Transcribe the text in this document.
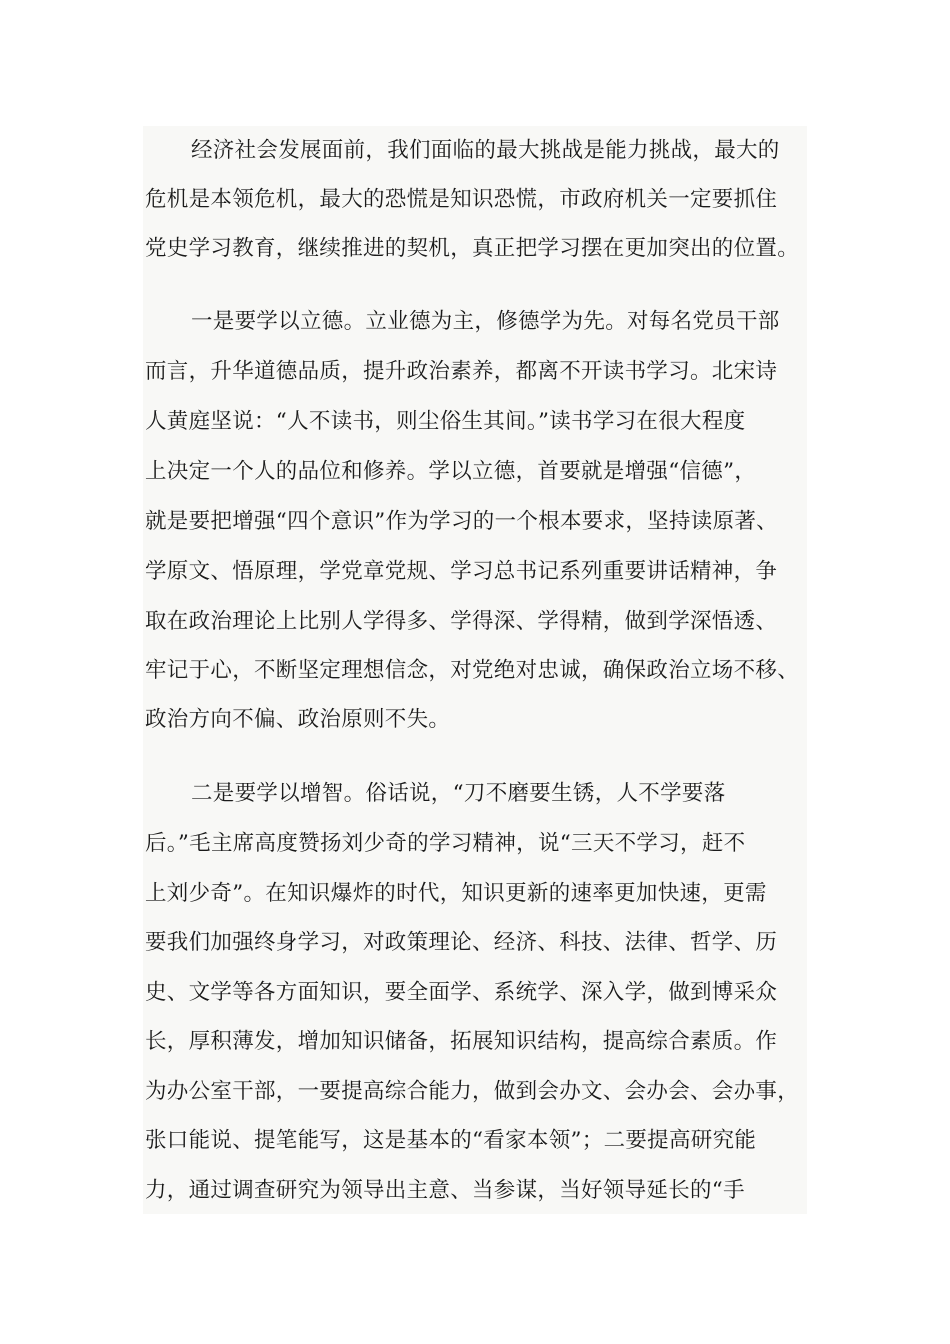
经济社会发展面前，我们面临的最大挑战是能力挑战，最大的
危机是本领危机，最大的恐慌是知识恐慌，市政府机关一定要抓住
党史学习教育，继续推进的契机，真正把学习摆在更加突出的位置。
一是要学以立德。立业德为主，修德学为先。对每名党员干部
而言，升华道德品质，提升政治素养，都离不开读书学习。北宋诗
人黄庭坚说：“人不读书，则尘俗生其间。”读书学习在很大程度
上决定一个人的品位和修养。学以立德，首要就是增强“信德”，
就是要把增强“四个意识”作为学习的一个根本要求，坚持读原著、
学原文、悟原理，学党章党规、学习总书记系列重要讲话精神，争
取在政治理论上比别人学得多、学得深、学得精，做到学深悟透、
牢记于心，不断坚定理想信念，对党绝对忠诚，确保政治立场不移、
政治方向不偏、政治原则不失。
二是要学以增智。俗话说，“刀不磨要生锈，人不学要落
后。”毛主席高度赞扬刘少奇的学习精神，说“三天不学习，赶不
上刘少奇”。在知识爆炸的时代，知识更新的速率更加快速，更需
要我们加强终身学习，对政策理论、经济、科技、法律、哲学、历
史、文学等各方面知识，要全面学、系统学、深入学，做到博采众
长，厚积薄发，增加知识储备，拓展知识结构，提高综合素质。作
为办公室干部，一要提高综合能力，做到会办文、会办会、会办事，
张口能说、提笔能写，这是基本的“看家本领”；二要提高研究能
力，通过调查研究为领导出主意、当参谋，当好领导延长的“手
